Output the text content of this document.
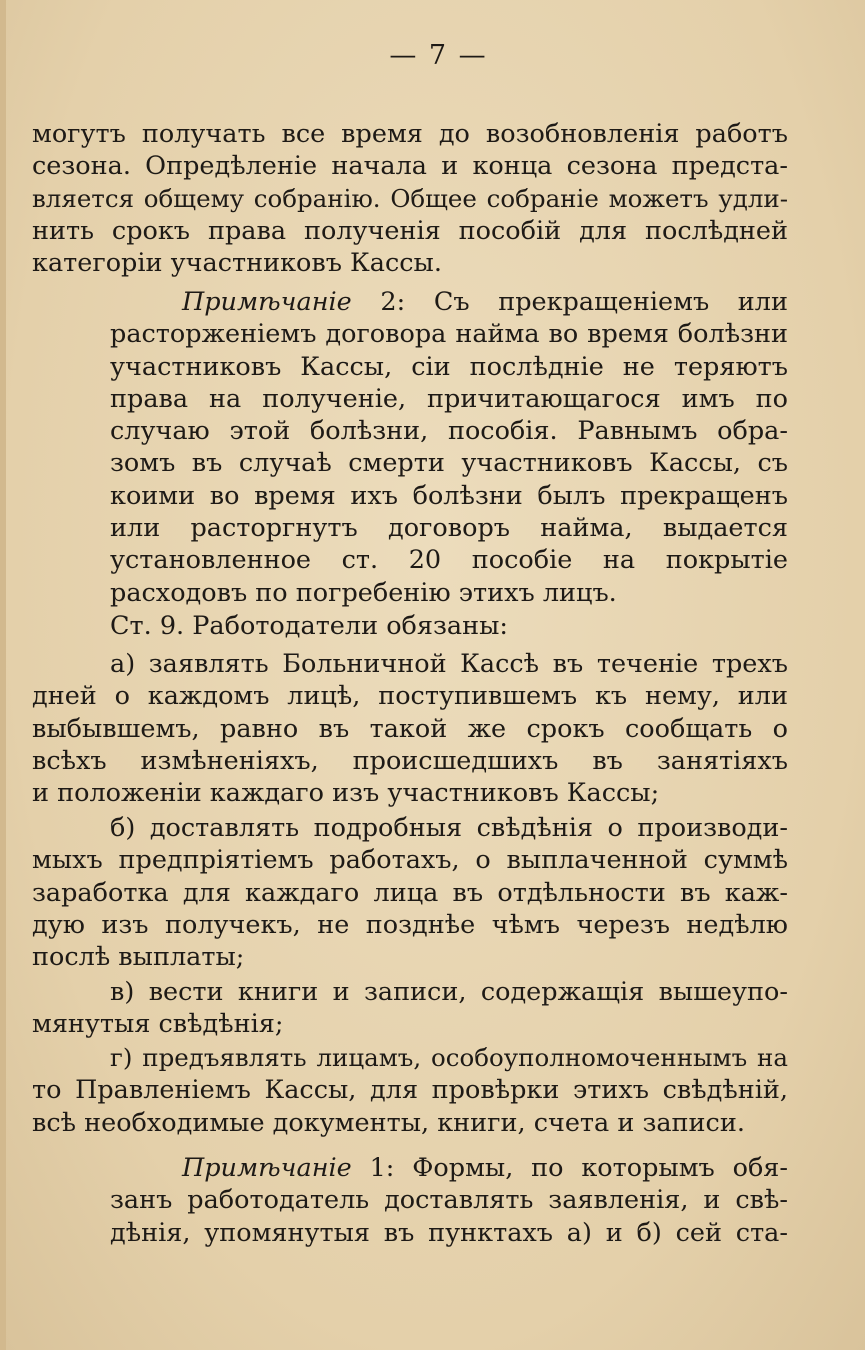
— 7 —
могутъ получать все время до возобновленія работъ
сезона. Опредѣленіе начала и конца сезона предста-
вляется общему собранію. Общее собраніе можетъ удли-
нить срокъ права полученія пособій для послѣдней
категоріи участниковъ Кассы.
Примѣчаніе 2: Съ прекращеніемъ или
расторженіемъ договора найма во время болѣзни
участниковъ Кассы, сіи послѣдніе не теряютъ
права на полученіе, причитающагося имъ по
случаю этой болѣзни, пособія. Равнымъ обра-
зомъ въ случаѣ смерти участниковъ Кассы, съ
коими во время ихъ болѣзни былъ прекращенъ
или расторгнутъ договоръ найма, выдается
установленное ст. 20 пособіе на покрытіе
расходовъ по погребенію этихъ лицъ.
Ст. 9. Работодатели обязаны:
а) заявлять Больничной Кассѣ въ теченіе трехъ
дней о каждомъ лицѣ, поступившемъ къ нему, или
выбывшемъ, равно въ такой же срокъ сообщать о
всѣхъ измѣненіяхъ, происшедшихъ въ занятіяхъ
и положеніи каждаго изъ участниковъ Кассы;
б) доставлять подробныя свѣдѣнія о производи-
мыхъ предпріятіемъ работахъ, о выплаченной суммѣ
заработка для каждаго лица въ отдѣльности въ каж-
дую изъ получекъ, не позднѣе чѣмъ черезъ недѣлю
послѣ выплаты;
в) вести книги и записи, содержащія вышеупо-
мянутыя свѣдѣнія;
г) предъявлять лицамъ, особоуполномоченнымъ на
то Правленіемъ Кассы, для провѣрки этихъ свѣдѣній,
всѣ необходимые документы, книги, счета и записи.
Примѣчаніе 1: Формы, по которымъ обя-
занъ работодатель доставлять заявленія, и свѣ-
дѣнія, упомянутыя въ пунктахъ а) и б) сей ста-
